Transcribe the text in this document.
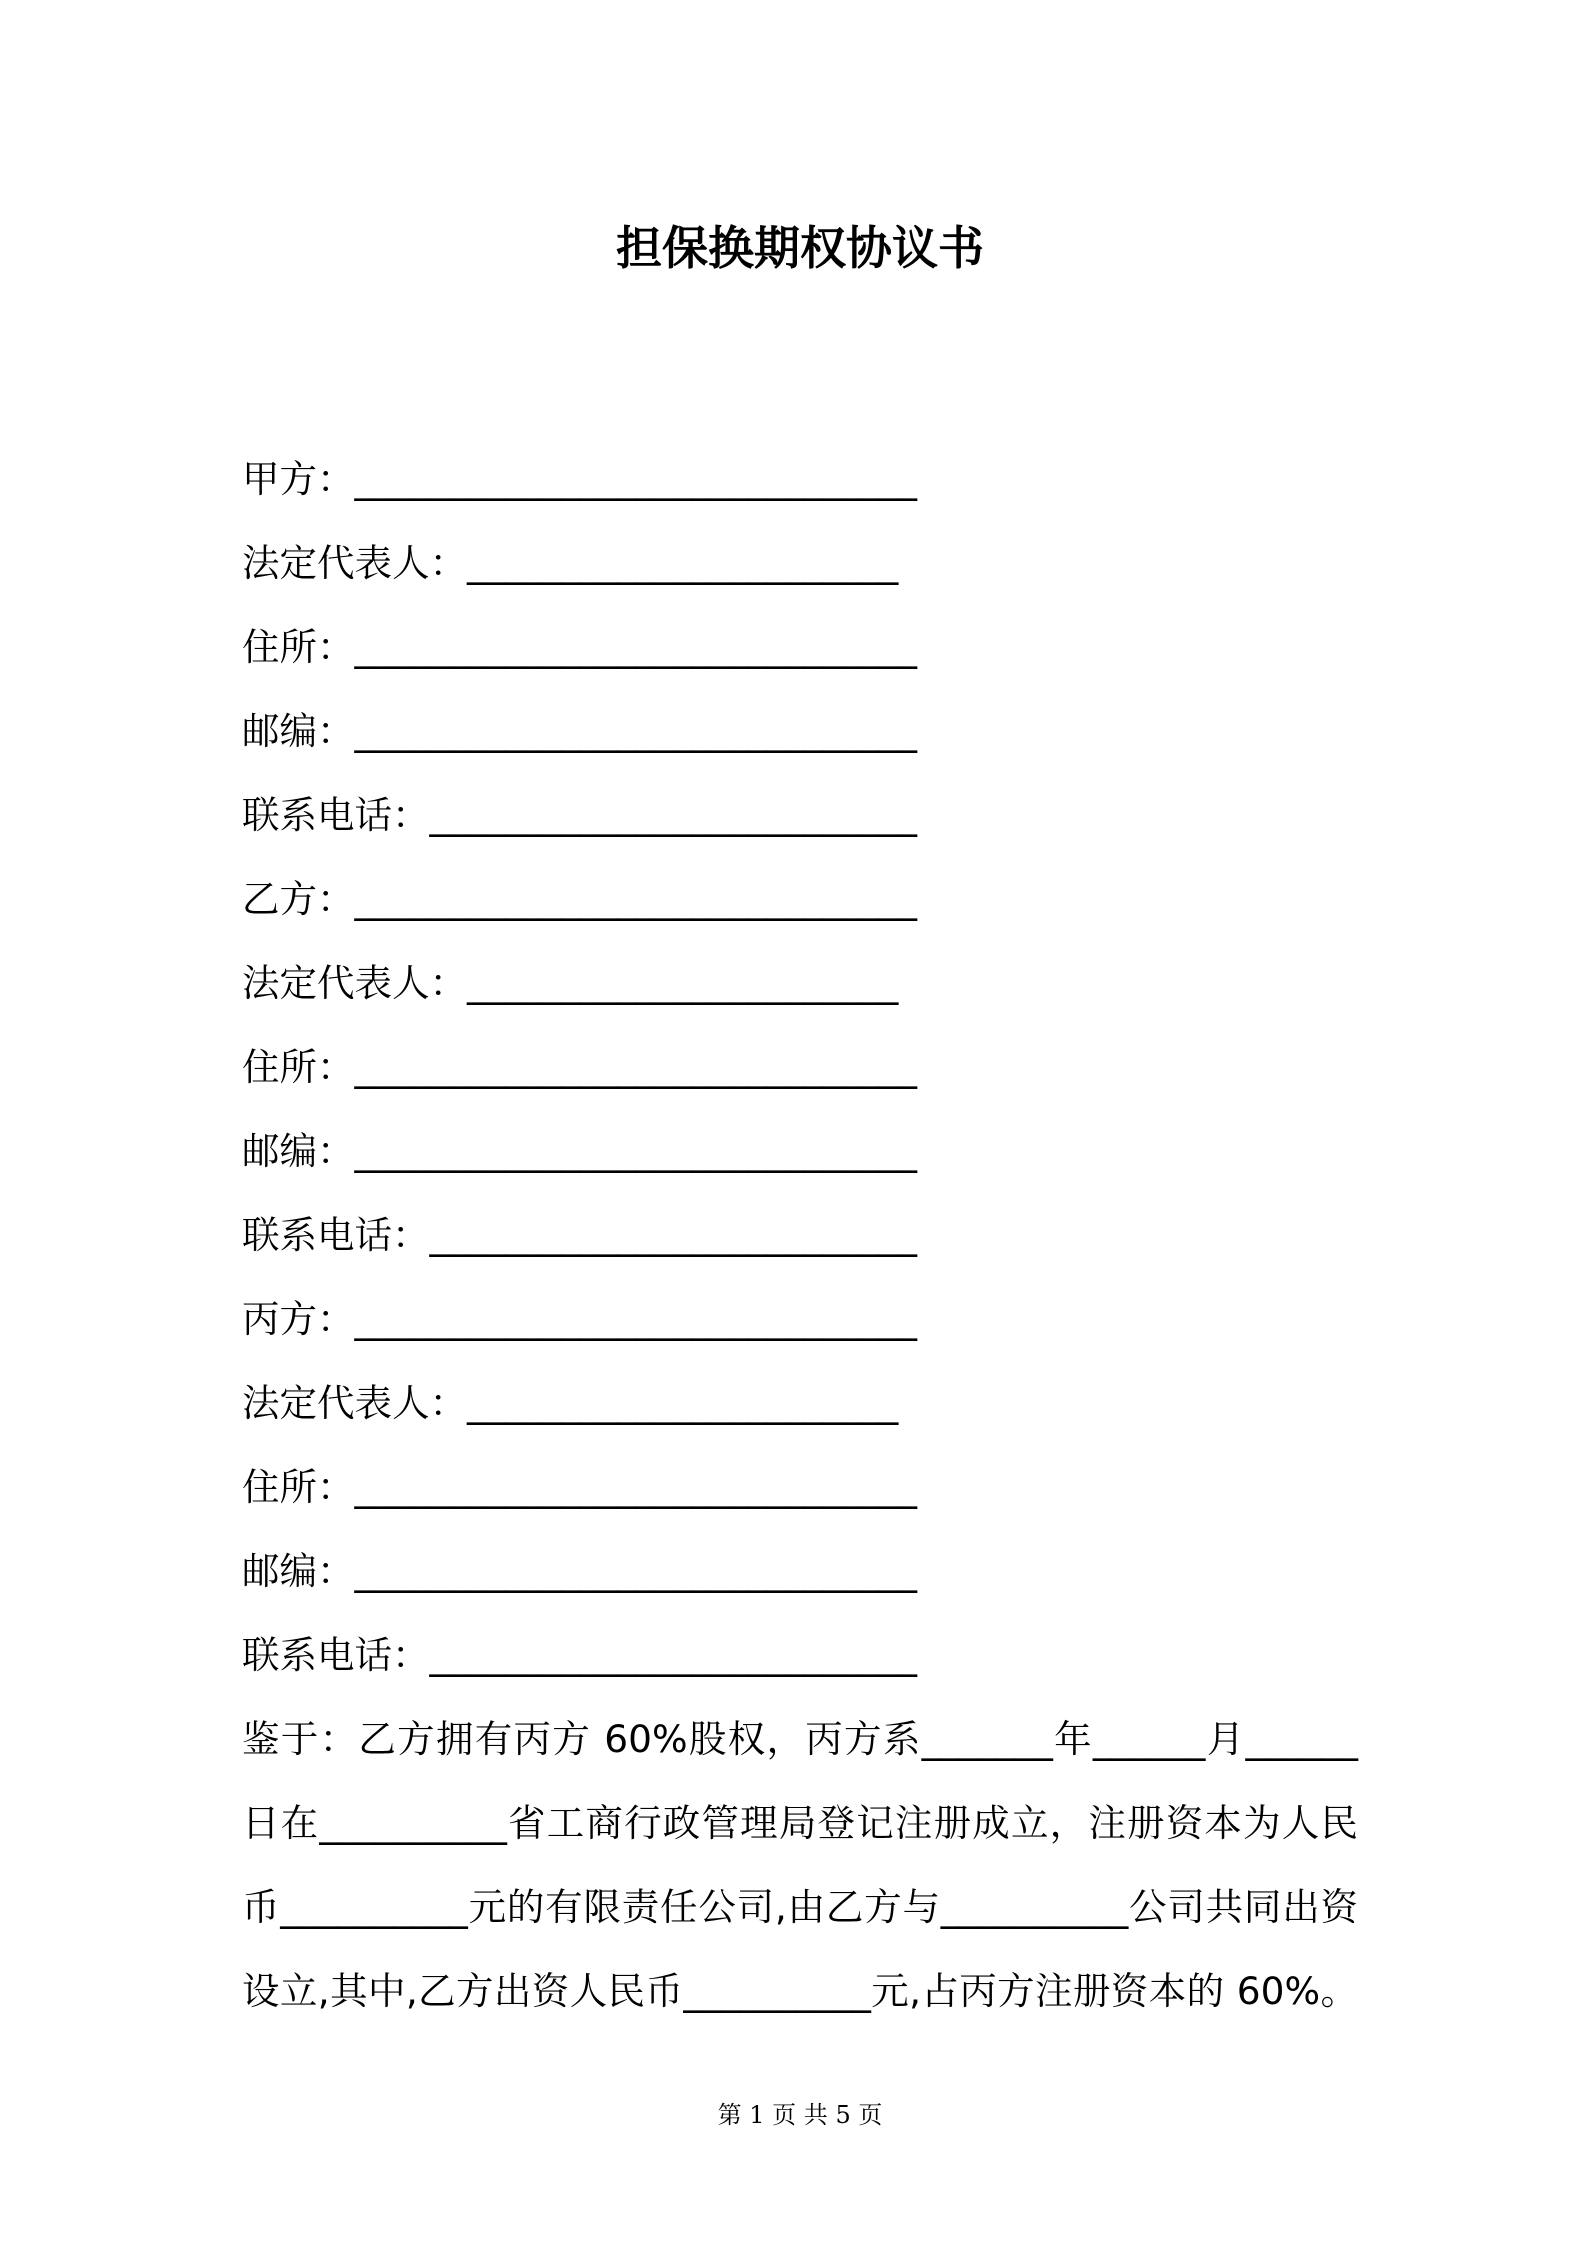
担保换期权协议书
甲方：______________________________
法定代表人：_______________________
住所：______________________________
邮编：______________________________
联系电话：__________________________
乙方：______________________________
法定代表人：_______________________
住所：______________________________
邮编：______________________________
联系电话：__________________________
丙方：______________________________
法定代表人：_______________________
住所：______________________________
邮编：______________________________
联系电话：__________________________
鉴于：乙方拥有丙方 60%股权，丙方系_______年______月______
日在__________省工商行政管理局登记注册成立，注册资本为人民
币__________元的有限责任公司,由乙方与__________公司共同出资
设立,其中,乙方出资人民币__________元,占丙方注册资本的 60%。
第 1 页 共 5 页
